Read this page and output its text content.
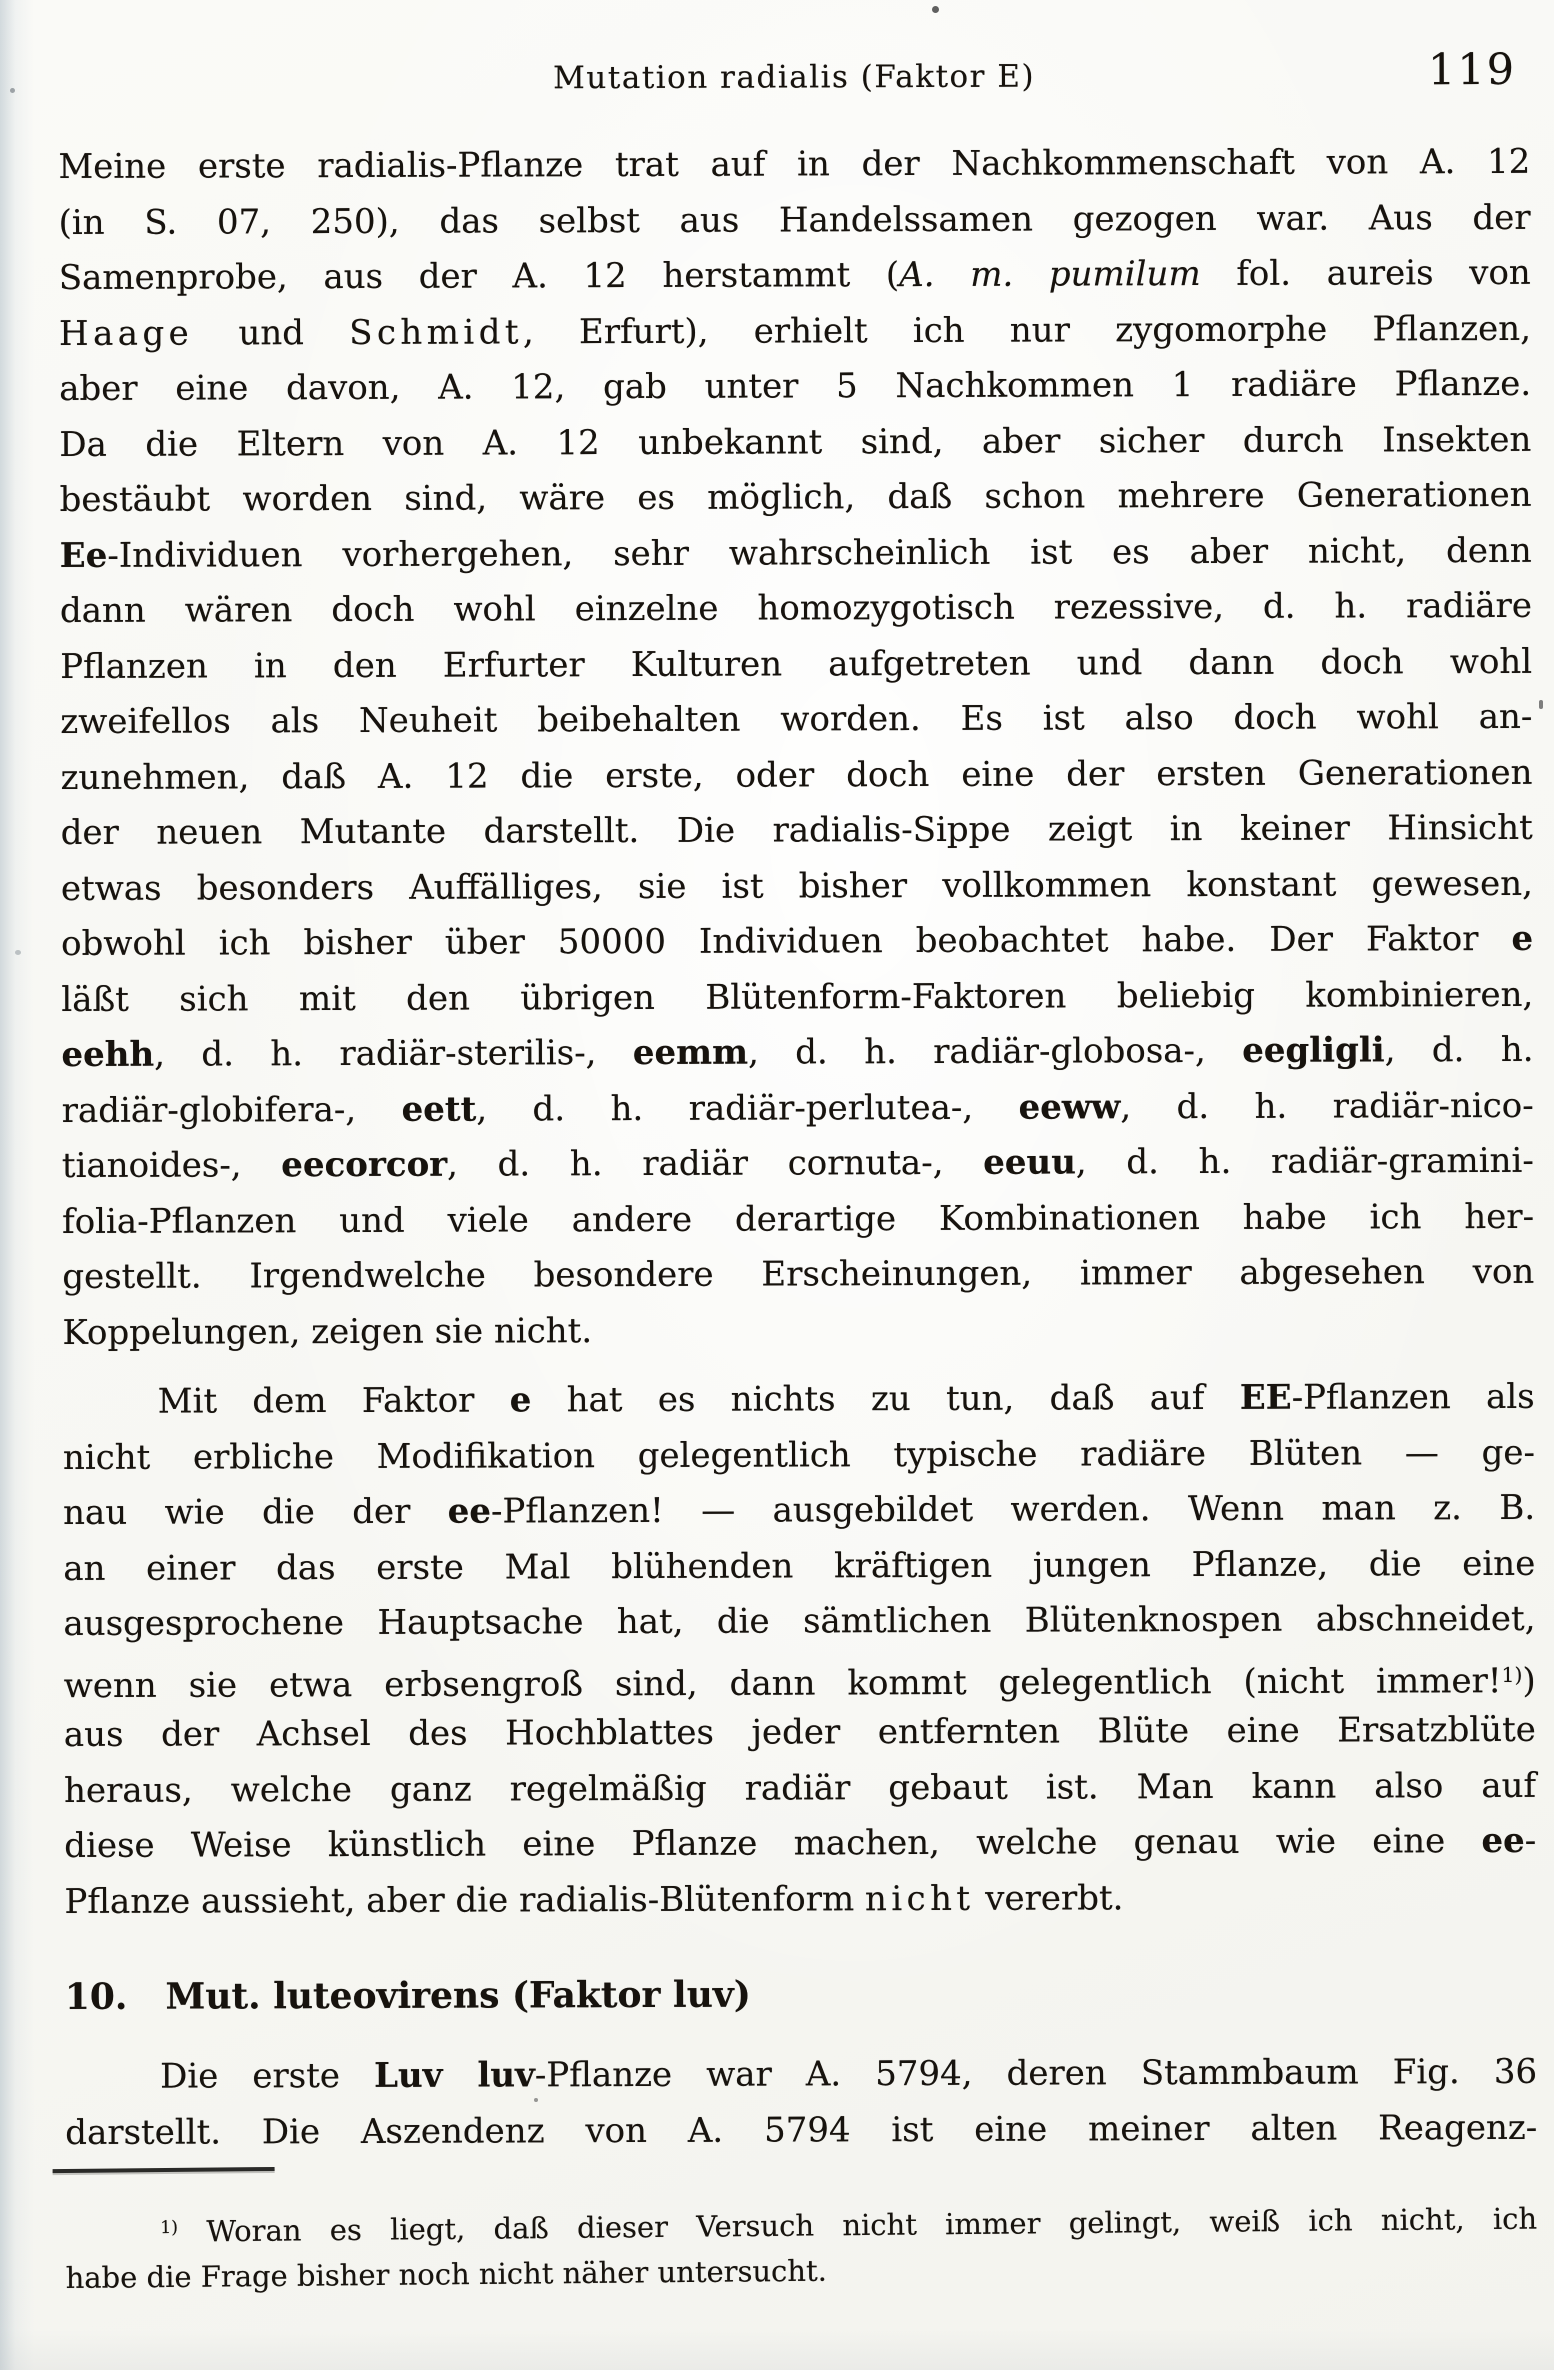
Mutation radialis (Faktor E)	119
Meine erste radialis-Pflanze trat auf in der Nachkommenschaft von A. 12
(in S. 07, 250), das selbst aus Handelssamen gezogen war. Aus der
Samenprobe, aus der A. 12 herstammt (A. m. pumilum fol. aureis von
Haage und Schmidt, Erfurt), erhielt ich nur zygomorphe Pflanzen,
aber eine davon, A. 12, gab unter 5 Nachkommen 1 radiäre Pflanze.
Da die Eltern von A. 12 unbekannt sind, aber sicher durch Insekten
bestäubt worden sind, wäre es möglich, daß schon mehrere Generationen
Ee-Individuen vorhergehen, sehr wahrscheinlich ist es aber nicht, denn
dann wären doch wohl einzelne homozygotisch rezessive, d. h. radiäre
Pflanzen in den Erfurter Kulturen aufgetreten und dann doch wohl
zweifellos als Neuheit beibehalten worden. Es ist also doch wohl an-
zunehmen, daß A. 12 die erste, oder doch eine der ersten Generationen
der neuen Mutante darstellt. Die radialis-Sippe zeigt in keiner Hinsicht
etwas besonders Auffälliges, sie ist bisher vollkommen konstant gewesen,
obwohl ich bisher über 50000 Individuen beobachtet habe. Der Faktor e
läßt sich mit den übrigen Blütenform-Faktoren beliebig kombinieren,
eehh, d. h. radiär-sterilis-, eemm, d. h. radiär-globosa-, eegligli, d. h.
radiär-globifera-, eett, d. h. radiär-perlutea-, eeww, d. h. radiär-nico-
tianoides-, eecorcor, d. h. radiär cornuta-, eeuu, d. h. radiär-gramini-
folia-Pflanzen und viele andere derartige Kombinationen habe ich her-
gestellt. Irgendwelche besondere Erscheinungen, immer abgesehen von
Koppelungen, zeigen sie nicht.
Mit dem Faktor e hat es nichts zu tun, daß auf EE-Pflanzen als
nicht erbliche Modifikation gelegentlich typische radiäre Blüten — ge-
nau wie die der ee-Pflanzen! — ausgebildet werden. Wenn man z. B.
an einer das erste Mal blühenden kräftigen jungen Pflanze, die eine
ausgesprochene Hauptsache hat, die sämtlichen Blütenknospen abschneidet,
wenn sie etwa erbsengroß sind, dann kommt gelegentlich (nicht immer!$^{1)}$)
aus der Achsel des Hochblattes jeder entfernten Blüte eine Ersatzblüte
heraus, welche ganz regelmäßig radiär gebaut ist. Man kann also auf
diese Weise künstlich eine Pflanze machen, welche genau wie eine ee-
Pflanze aussieht, aber die radialis-Blütenform nicht vererbt.
10. Mut. luteovirens (Faktor luv)
Die erste Luv luv-Pflanze war A. 5794, deren Stammbaum Fig. 36
darstellt. Die Aszendenz von A. 5794 ist eine meiner alten Reagenz-
$^{1)}$ Woran es liegt, daß dieser Versuch nicht immer gelingt, weiß ich nicht, ich
habe die Frage bisher noch nicht näher untersucht.
